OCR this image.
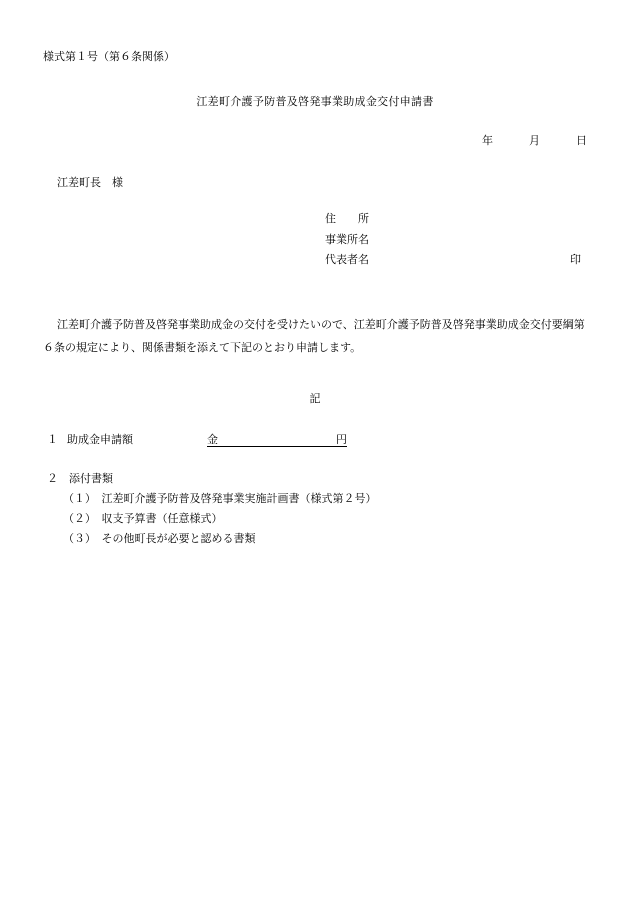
様式第１号（第６条関係）
江差町介護予防普及啓発事業助成金交付申請書
年	月	日
江差町長　様
住　　所
事業所名
代表者名	印
江差町介護予防普及啓発事業助成金の交付を受けたいので、江差町介護予防普及啓発事業助成金交付要綱第６条の規定により、関係書類を添えて下記のとおり申請します。
記
１ 助成金申請額	金	円
２　添付書類
（１）　江差町介護予防普及啓発事業実施計画書（様式第２号）
（２）　収支予算書（任意様式）
（３）　その他町長が必要と認める書類
